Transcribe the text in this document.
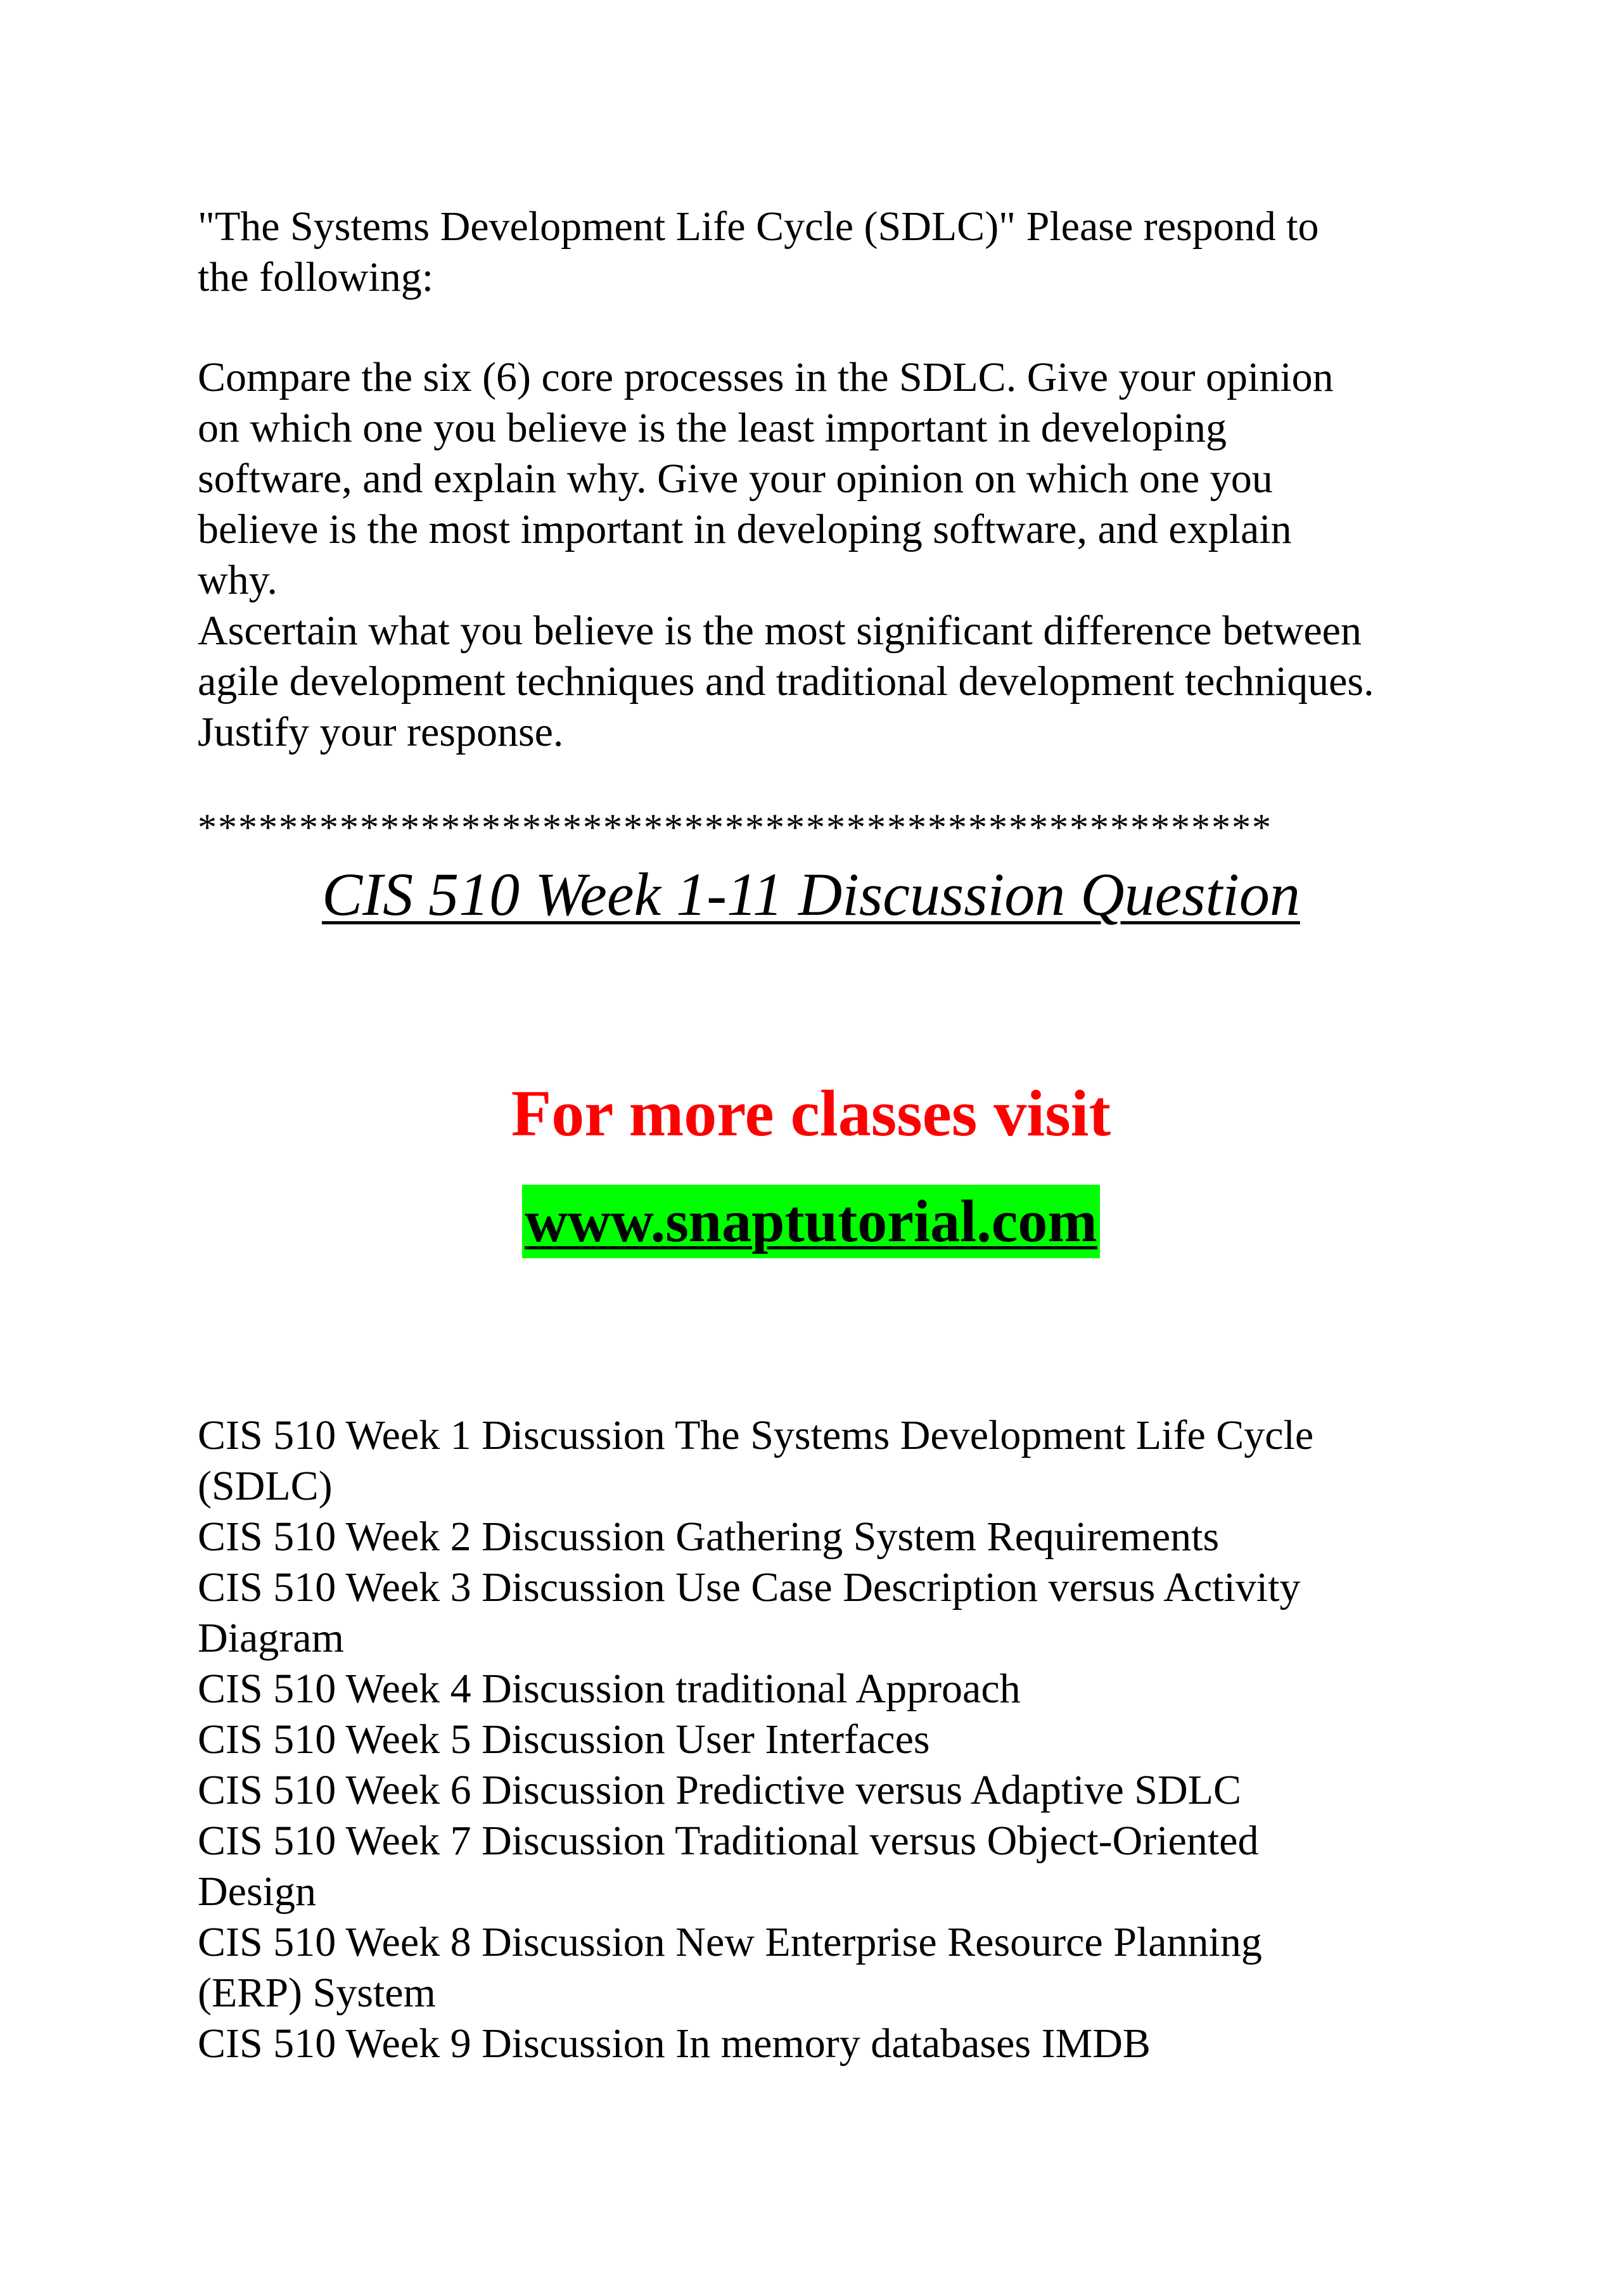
"The Systems Development Life Cycle (SDLC)" Please respond to
the following:
Compare the six (6) core processes in the SDLC. Give your opinion
on which one you believe is the least important in developing
software, and explain why. Give your opinion on which one you
believe is the most important in developing software, and explain
why.
Ascertain what you believe is the most significant difference between
agile development techniques and traditional development techniques.
Justify your response.
*****************************************************
CIS 510 Week 1-11 Discussion Question
For more classes visit
www.snaptutorial.com
CIS 510 Week 1 Discussion The Systems Development Life Cycle
(SDLC)
CIS 510 Week 2 Discussion Gathering System Requirements
CIS 510 Week 3 Discussion Use Case Description versus Activity
Diagram
CIS 510 Week 4 Discussion traditional Approach
CIS 510 Week 5 Discussion User Interfaces
CIS 510 Week 6 Discussion Predictive versus Adaptive SDLC
CIS 510 Week 7 Discussion Traditional versus Object-Oriented
Design
CIS 510 Week 8 Discussion New Enterprise Resource Planning
(ERP) System
CIS 510 Week 9 Discussion In memory databases IMDB
